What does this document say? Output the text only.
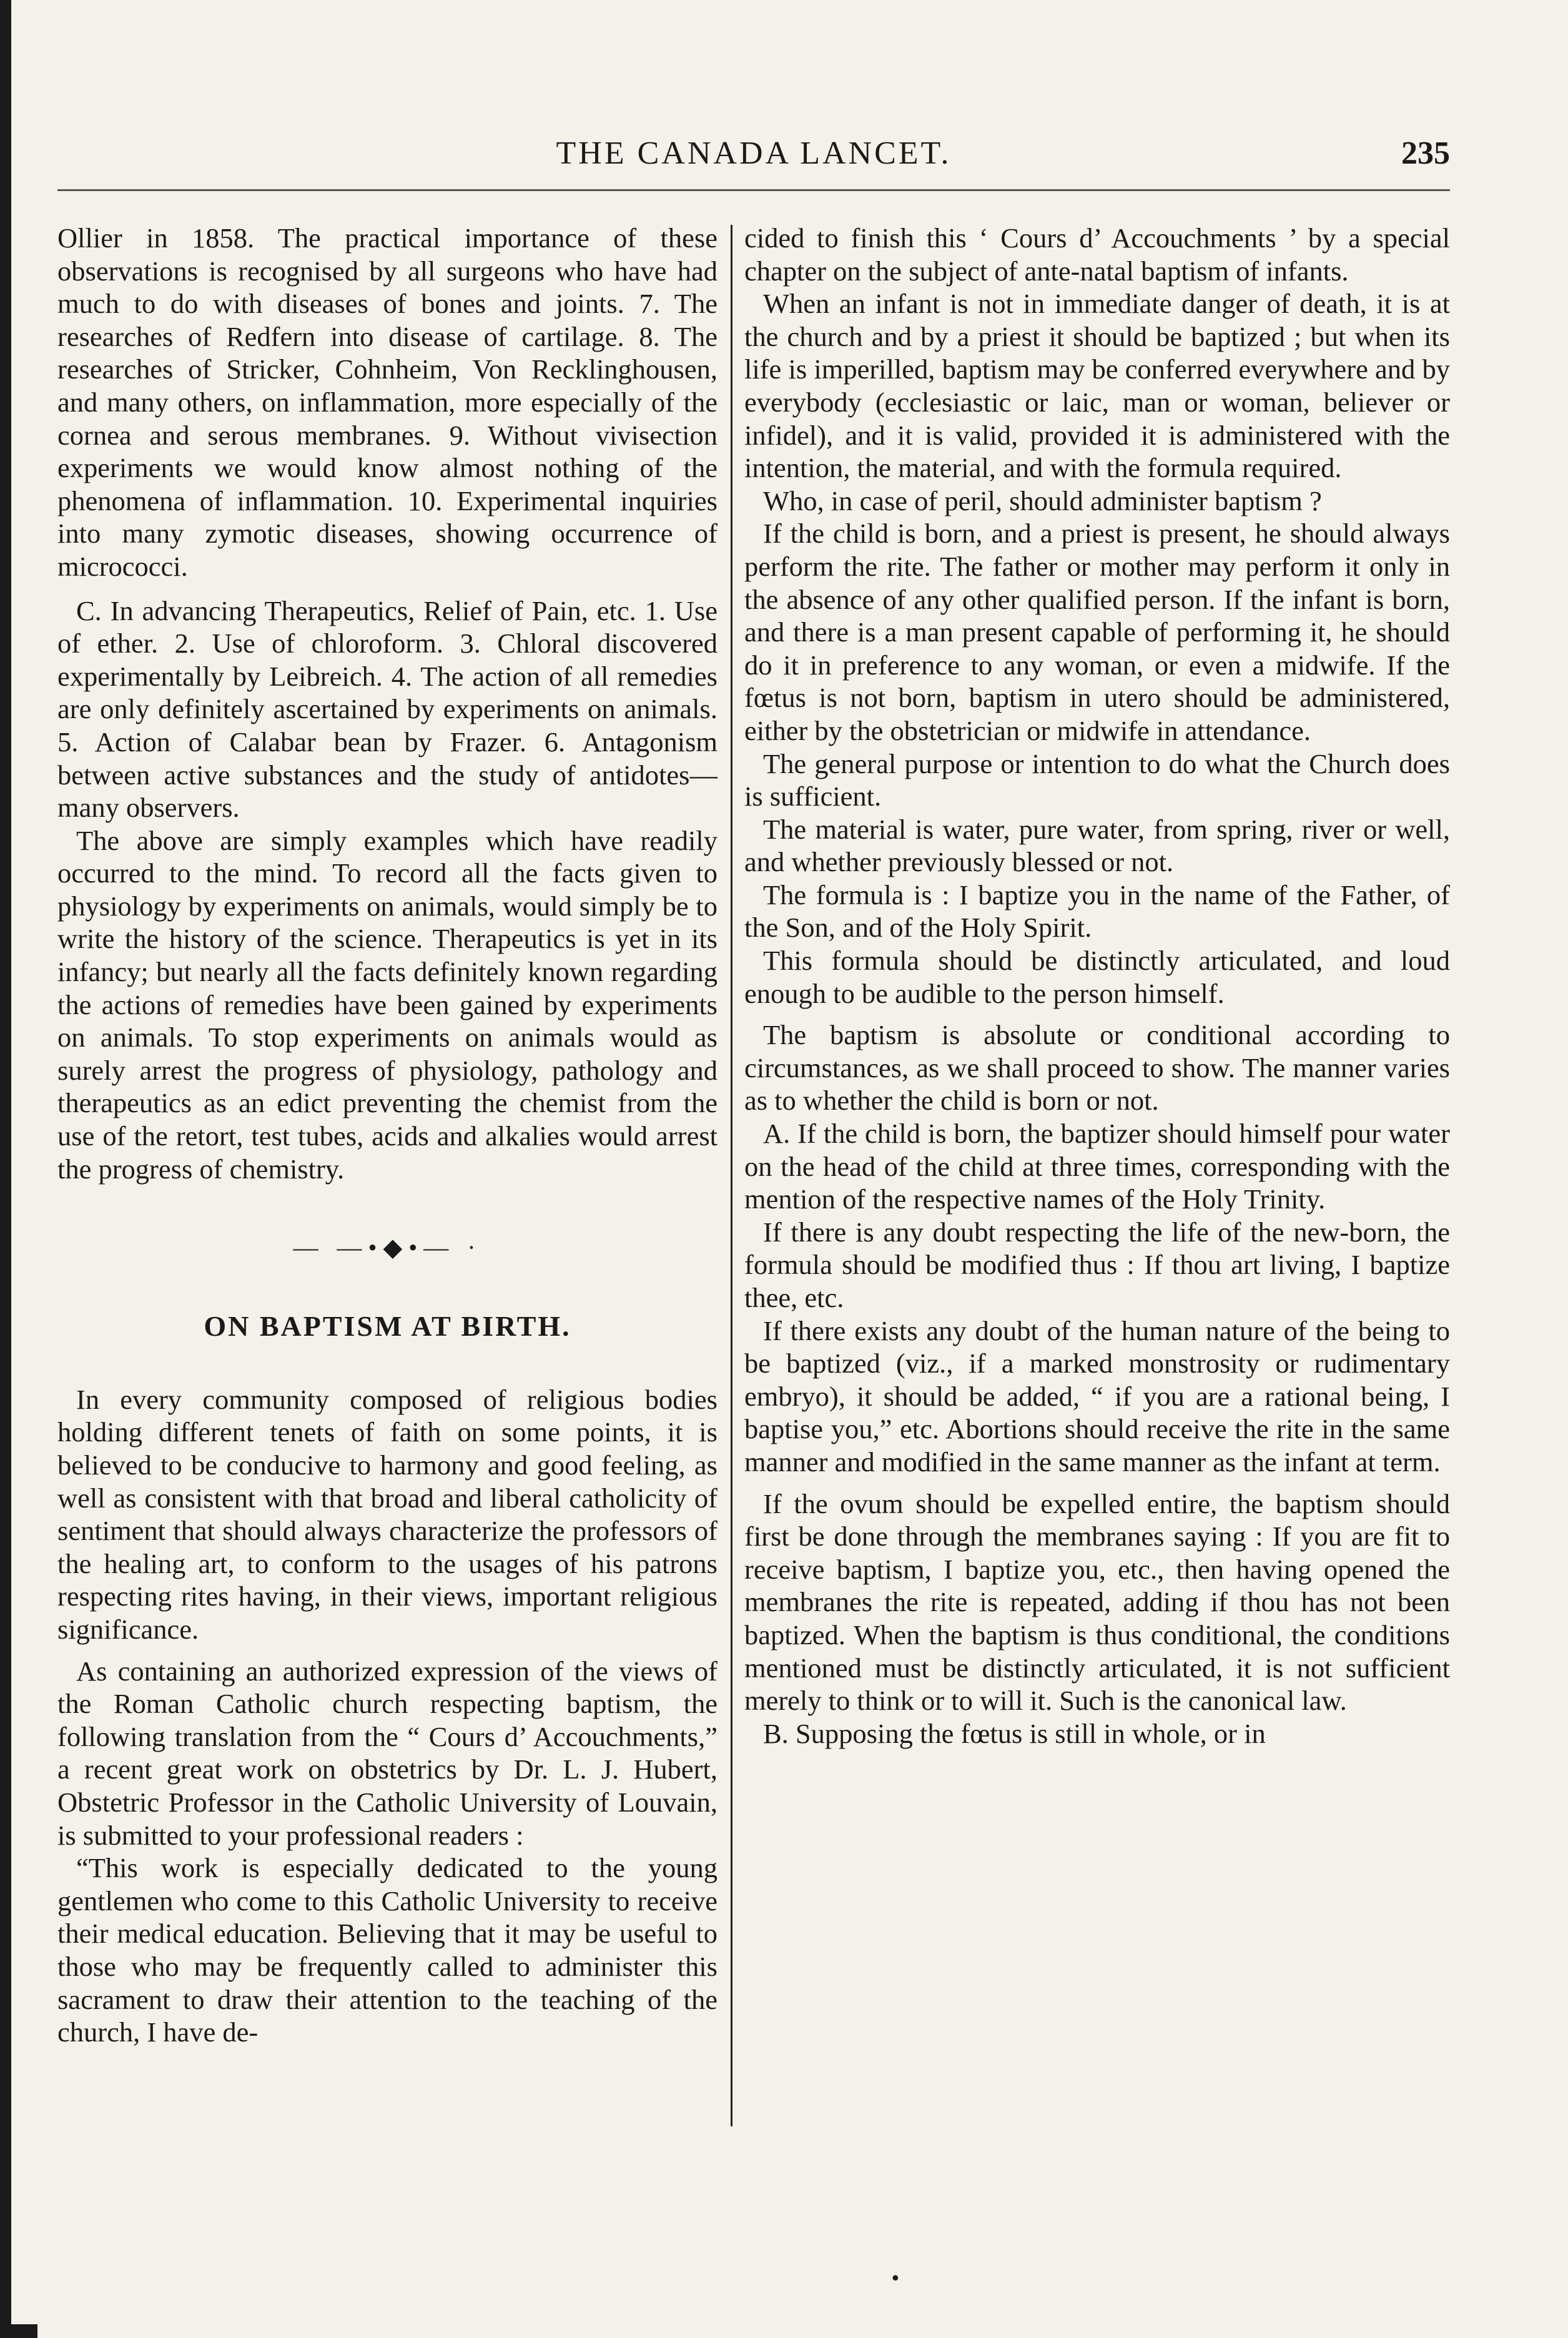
THE CANADA LANCET.	235

Ollier in 1858. The practical importance of these observations is recognised by all surgeons who have had much to do with diseases of bones and joints. 7. The researches of Redfern into disease of cartilage. 8. The researches of Stricker, Cohnheim, Von Recklinghousen, and many others, on inflammation, more especially of the cornea and serous membranes. 9. Without vivisection experiments we would know almost nothing of the phenomena of inflammation. 10. Experimental inquiries into many zymotic diseases, showing occurrence of micrococci.

C. In advancing Therapeutics, Relief of Pain, etc. 1. Use of ether. 2. Use of chloroform. 3. Chloral discovered experimentally by Leibreich. 4. The action of all remedies are only definitely ascertained by experiments on animals. 5. Action of Calabar bean by Frazer. 6. Antagonism between active substances and the study of antidotes—many observers.

The above are simply examples which have readily occurred to the mind. To record all the facts given to physiology by experiments on animals, would simply be to write the history of the science. Therapeutics is yet in its infancy; but nearly all the facts definitely known regarding the actions of remedies have been gained by experiments on animals. To stop experiments on animals would as surely arrest the progress of physiology, pathology and therapeutics as an edict preventing the chemist from the use of the retort, test tubes, acids and alkalies would arrest the progress of chemistry.

— —•◆•— ·
ON BAPTISM AT BIRTH.

In every community composed of religious bodies holding different tenets of faith on some points, it is believed to be conducive to harmony and good feeling, as well as consistent with that broad and liberal catholicity of sentiment that should always characterize the professors of the healing art, to conform to the usages of his patrons respecting rites having, in their views, important religious significance.

As containing an authorized expression of the views of the Roman Catholic church respecting baptism, the following translation from the “ Cours d’ Accouchments,” a recent great work on obstetrics by Dr. L. J. Hubert, Obstetric Professor in the Catholic University of Louvain, is submitted to your professional readers :

“This work is especially dedicated to the young gentlemen who come to this Catholic University to receive their medical education. Believing that it may be useful to those who may be frequently called to administer this sacrament to draw their attention to the teaching of the church, I have de-

cided to finish this ‘ Cours d’ Accouchments ’ by a special chapter on the subject of ante-natal baptism of infants.

When an infant is not in immediate danger of death, it is at the church and by a priest it should be baptized ; but when its life is imperilled, baptism may be conferred everywhere and by everybody (ecclesiastic or laic, man or woman, believer or infidel), and it is valid, provided it is administered with the intention, the material, and with the formula required.

Who, in case of peril, should administer baptism ?

If the child is born, and a priest is present, he should always perform the rite. The father or mother may perform it only in the absence of any other qualified person. If the infant is born, and there is a man present capable of performing it, he should do it in preference to any woman, or even a midwife. If the fœtus is not born, baptism in utero should be administered, either by the obstetrician or midwife in attendance.

The general purpose or intention to do what the Church does is sufficient.

The material is water, pure water, from spring, river or well, and whether previously blessed or not.

The formula is : I baptize you in the name of the Father, of the Son, and of the Holy Spirit.

This formula should be distinctly articulated, and loud enough to be audible to the person himself.

The baptism is absolute or conditional according to circumstances, as we shall proceed to show. The manner varies as to whether the child is born or not.

A. If the child is born, the baptizer should himself pour water on the head of the child at three times, corresponding with the mention of the respective names of the Holy Trinity.

If there is any doubt respecting the life of the new-born, the formula should be modified thus : If thou art living, I baptize thee, etc.

If there exists any doubt of the human nature of the being to be baptized (viz., if a marked monstrosity or rudimentary embryo), it should be added, “ if you are a rational being, I baptise you,” etc. Abortions should receive the rite in the same manner and modified in the same manner as the infant at term.

If the ovum should be expelled entire, the baptism should first be done through the membranes saying : If you are fit to receive baptism, I baptize you, etc., then having opened the membranes the rite is repeated, adding if thou has not been baptized. When the baptism is thus conditional, the conditions mentioned must be distinctly articulated, it is not sufficient merely to think or to will it. Such is the canonical law.

B. Supposing the fœtus is still in whole, or in

•
